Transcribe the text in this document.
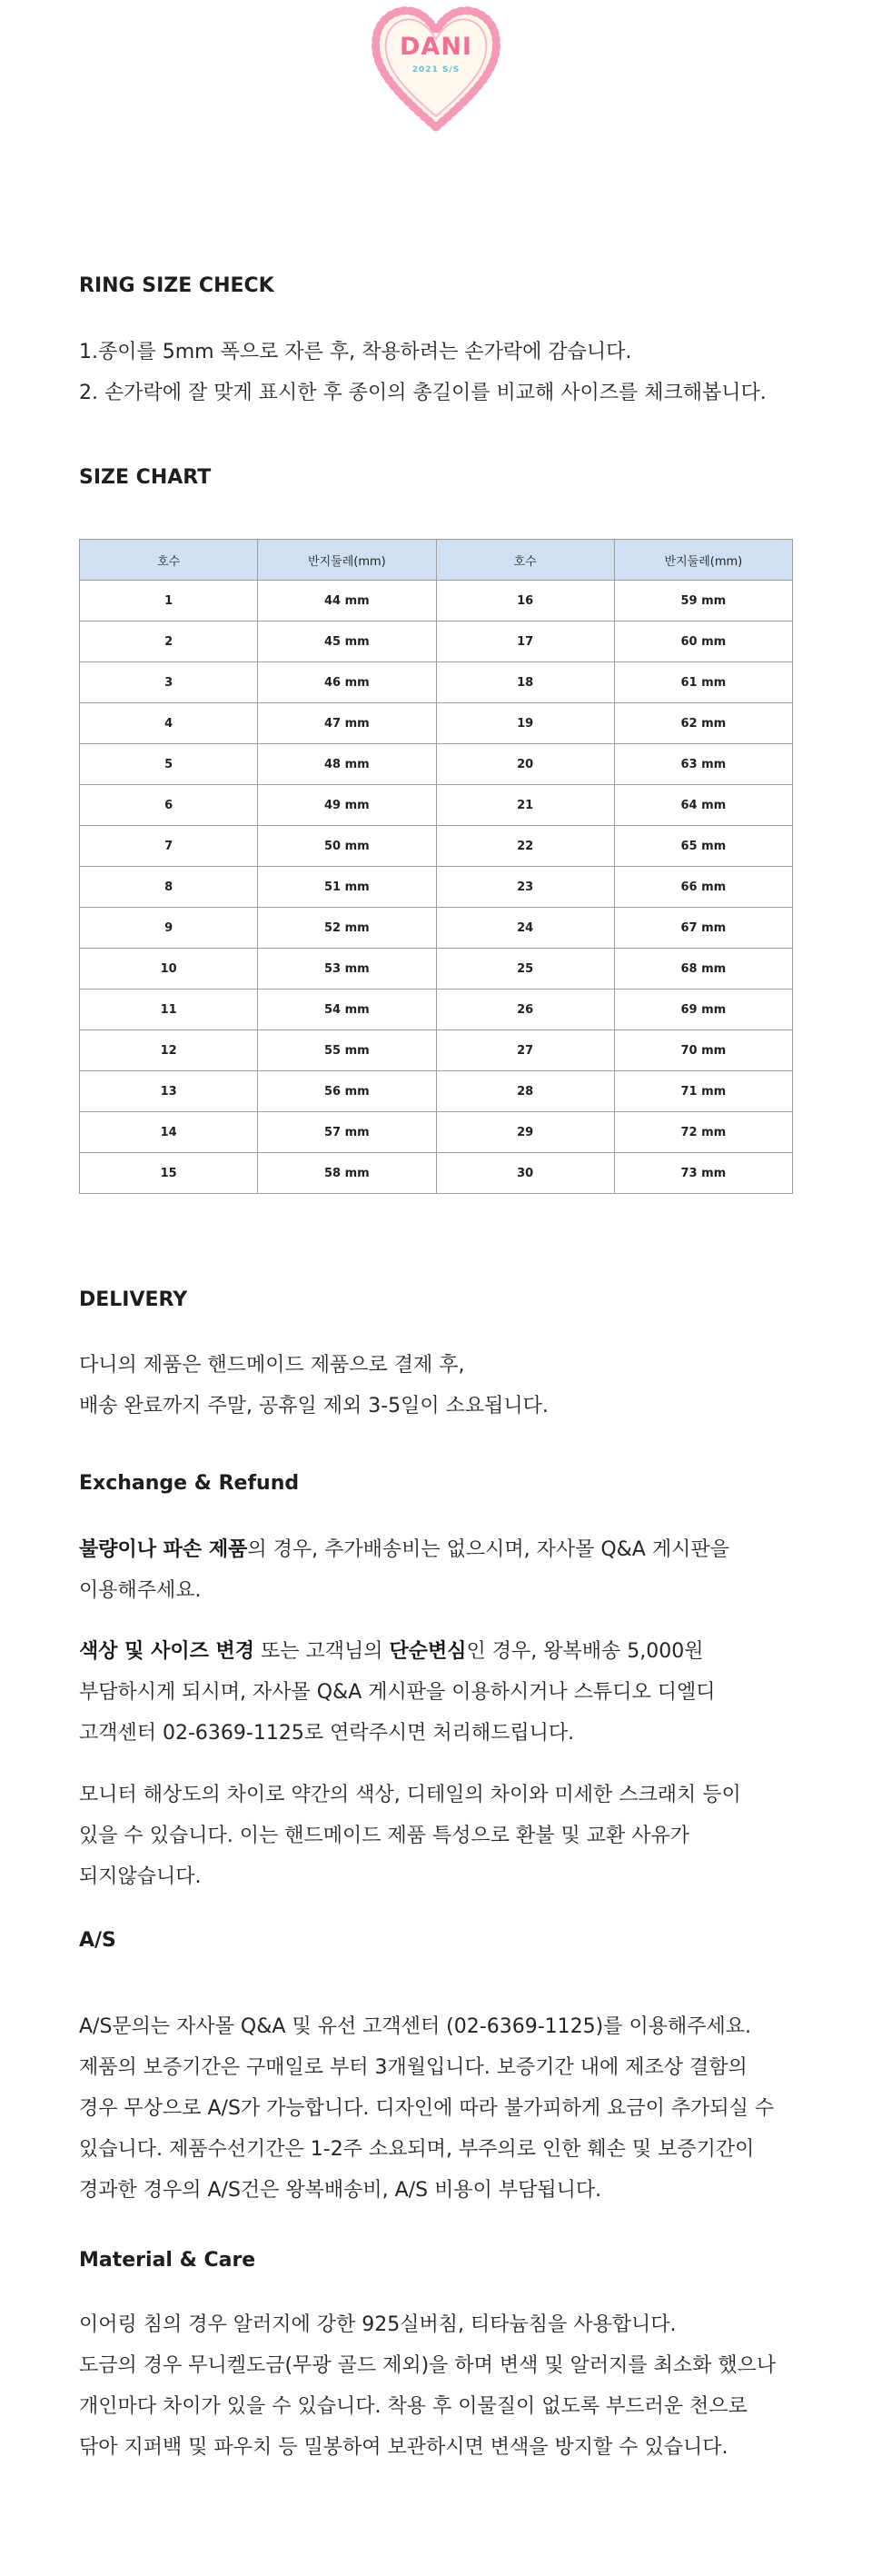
DANI
2021 S/S
RING SIZE CHECK
1.종이를 5mm 폭으로 자른 후, 착용하려는 손가락에 감습니다.
2. 손가락에 잘 맞게 표시한 후 종이의 총길이를 비교해 사이즈를 체크해봅니다.
SIZE CHART
호수	반지둘레(mm)	호수	반지둘레(mm)
1	44 mm	16	59 mm
2	45 mm	17	60 mm
3	46 mm	18	61 mm
4	47 mm	19	62 mm
5	48 mm	20	63 mm
6	49 mm	21	64 mm
7	50 mm	22	65 mm
8	51 mm	23	66 mm
9	52 mm	24	67 mm
10	53 mm	25	68 mm
11	54 mm	26	69 mm
12	55 mm	27	70 mm
13	56 mm	28	71 mm
14	57 mm	29	72 mm
15	58 mm	30	73 mm
DELIVERY
다니의 제품은 핸드메이드 제품으로 결제 후,
배송 완료까지 주말, 공휴일 제외 3-5일이 소요됩니다.
Exchange & Refund
불량이나 파손 제품의 경우, 추가배송비는 없으시며, 자사몰 Q&A 게시판을
이용해주세요.
색상 및 사이즈 변경 또는 고객님의 단순변심인 경우, 왕복배송 5,000원
부담하시게 되시며, 자사몰 Q&A 게시판을 이용하시거나 스튜디오 디엘디
고객센터 02-6369-1125로 연락주시면 처리해드립니다.
모니터 해상도의 차이로 약간의 색상, 디테일의 차이와 미세한 스크래치 등이
있을 수 있습니다. 이는 핸드메이드 제품 특성으로 환불 및 교환 사유가
되지않습니다.
A/S
A/S문의는 자사몰 Q&A 및 유선 고객센터 (02-6369-1125)를 이용해주세요.
제품의 보증기간은 구매일로 부터 3개월입니다. 보증기간 내에 제조상 결함의
경우 무상으로 A/S가 가능합니다. 디자인에 따라 불가피하게 요금이 추가되실 수
있습니다. 제품수선기간은 1-2주 소요되며, 부주의로 인한 훼손 및 보증기간이
경과한 경우의 A/S건은 왕복배송비, A/S 비용이 부담됩니다.
Material & Care
이어링 침의 경우 알러지에 강한 925실버침, 티타늄침을 사용합니다.
도금의 경우 무니켈도금(무광 골드 제외)을 하며 변색 및 알러지를 최소화 했으나
개인마다 차이가 있을 수 있습니다. 착용 후 이물질이 없도록 부드러운 천으로
닦아 지퍼백 및 파우치 등 밀봉하여 보관하시면 변색을 방지할 수 있습니다.
